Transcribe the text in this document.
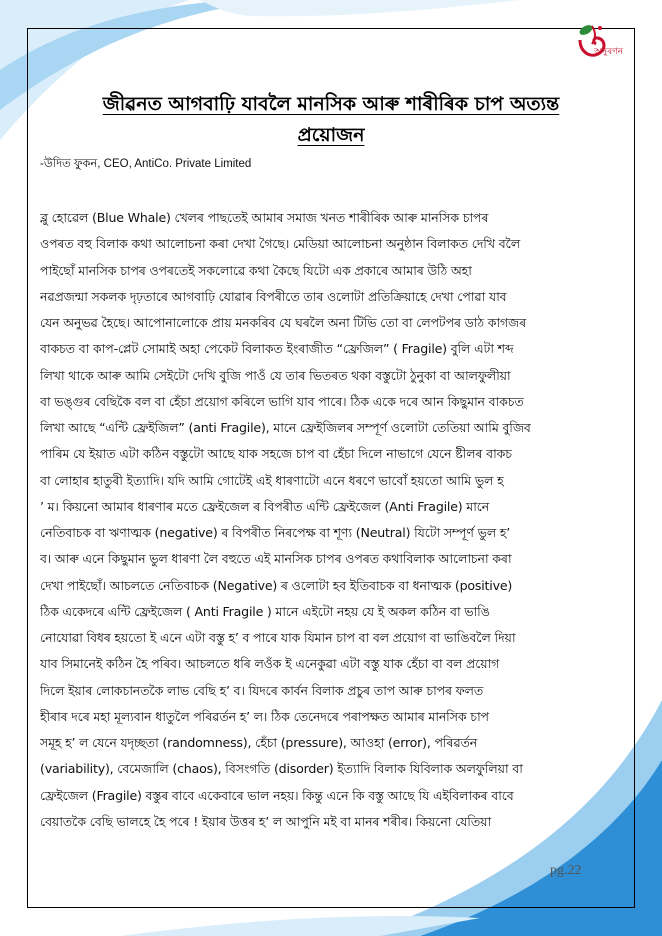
অনুৰণন
জীৱনত আগবাঢ়ি যাবলৈ মানসিক আৰু শাৰীৰিক চাপ অত্যন্ত
প্ৰয়োজন
-উদিত ফুকন, CEO, AntiCo. Private Limited
ব্লু হোৱেল (Blue Whale) খেলৰ পাছতেই আমাৰ সমাজ খনত শাৰীৰিক আৰু মানসিক চাপৰ
ওপৰত বহু বিলাক কথা আলোচনা কৰা দেখা গৈছে। মেডিয়া আলোচনা অনুষ্ঠান বিলাকত দেখি বলৈ
পাইছোঁ মানসিক চাপৰ ওপৰতেই সকলোৱে কথা কৈছে যিটো এক প্ৰকাৰে আমাৰ উঠি অহা
নৱপ্ৰজন্মা সকলক দৃঢ়তাৰে আগবাঢ়ি যোৱাৰ বিপৰীতে তাৰ ওলোটা প্ৰতিক্ৰিয়াহে দেখা পোৱা যাব
যেন অনুভৱ হৈছে। আপোনালোকে প্ৰায় মনকৰিব যে ঘৰলৈ অনা টিভি তো বা লেপটপৰ ডাঠ কাগজৰ
বাকচত বা কাপ-প্লেট সোমাই অহা পেকেট বিলাকত ইংৰাজীত “ফ্ৰেজিল” ( Fragile) বুলি এটা শব্দ
লিখা থাকে আৰু আমি সেইটো দেখি বুজি পাওঁ যে তাৰ ভিতৰত থকা বস্তুটো ঠুনুকা বা আলফুলীয়া
বা ভঙ্গুৰ বেছিকৈ বল বা হেঁচা প্ৰয়োগ কৰিলে ভাগি যাব পাৰে। ঠিক একে দৰে আন কিছুমান বাকচত
লিখা আছে “এন্টি ফ্ৰেইজিল” (anti Fragile), মানে ফ্ৰেইজিলৰ সম্পূৰ্ণ ওলোটা তেতিয়া আমি বুজিব
পাৰিম যে ইয়াত এটা কঠিন বস্তুটো আছে যাক সহজে চাপ বা হেঁচা দিলে নাভাগে যেনে ষ্টীলৰ বাকচ
বা লোহাৰ হাতুৰী ইত্যাদি। যদি আমি গোটেই এই ধাৰণাটো এনে ধৰণে ভাবোঁ হয়তো আমি ভুল হ
’ ম। কিয়নো আমাৰ ধাৰণাৰ মতে ফ্ৰেইজেল ৰ বিপৰীত এন্টি ফ্ৰেইজেল (Anti Fragile) মানে
নেতিবাচক বা ঋণাত্মক (negative) ৰ বিপৰীত নিৰপেক্ষ বা শূণ্য (Neutral) যিটো সম্পূৰ্ণ ভুল হ’
ব। আৰু এনে কিছুমান ভুল ধাৰণা লৈ বহুতে এই মানসিক চাপৰ ওপৰত কথাবিলাক আলোচনা কৰা
দেখা পাইছোঁ। আচলতে নেতিবাচক (Negative) ৰ ওলোটা হব ইতিবাচক বা ধনাত্মক (positive)
ঠিক একেদৰে এন্টি ফ্ৰেইজেল ( Anti Fragile ) মানে এইটো নহয় যে ই অকল কঠিন বা ভাঙি
নোযোৱা বিধৰ হয়তো ই এনে এটা বস্তু হ’ ব পাৰে যাক যিমান চাপ বা বল প্ৰয়োগ বা ভাঙিবলৈ দিয়া
যাব সিমানেই কঠিন হৈ পৰিব। আচলতে ধৰি লওঁক ই এনেকুৱা এটা বস্তু যাক হেঁচা বা বল প্ৰয়োগ
দিলে ইয়াৰ লোকচানতকৈ লাভ বেছি হ’ ব। যিদৰে কাৰ্বন বিলাক প্ৰচুৰ তাপ আৰু চাপৰ ফলত
হীৰাৰ দৰে মহা মূল্যবান ধাতুলৈ পৰিৱৰ্তন হ’ ল। ঠিক তেনেদৰে পৰাপক্ষত আমাৰ মানসিক চাপ
সমূহ হ’ ল যেনে যদৃচ্ছতা (randomness), হেঁচা (pressure), আওহা (error), পৰিৱৰ্তন
(variability), বেমেজালি (chaos), বিসংগতি (disorder) ইত্যাদি বিলাক যিবিলাক অলফুলিয়া বা
ফ্ৰেইজেল (Fragile) বস্তুৰ বাবে একেবাৰে ভাল নহয়। কিন্তু এনে কি বস্তু আছে যি এইবিলাকৰ বাবে
বেয়াতকৈ বেছি ভালহে হৈ পৰে ! ইয়াৰ উত্তৰ হ’ ল আপুনি মই বা মানৰ শৰীৰ। কিয়নো যেতিয়া
pg.22
